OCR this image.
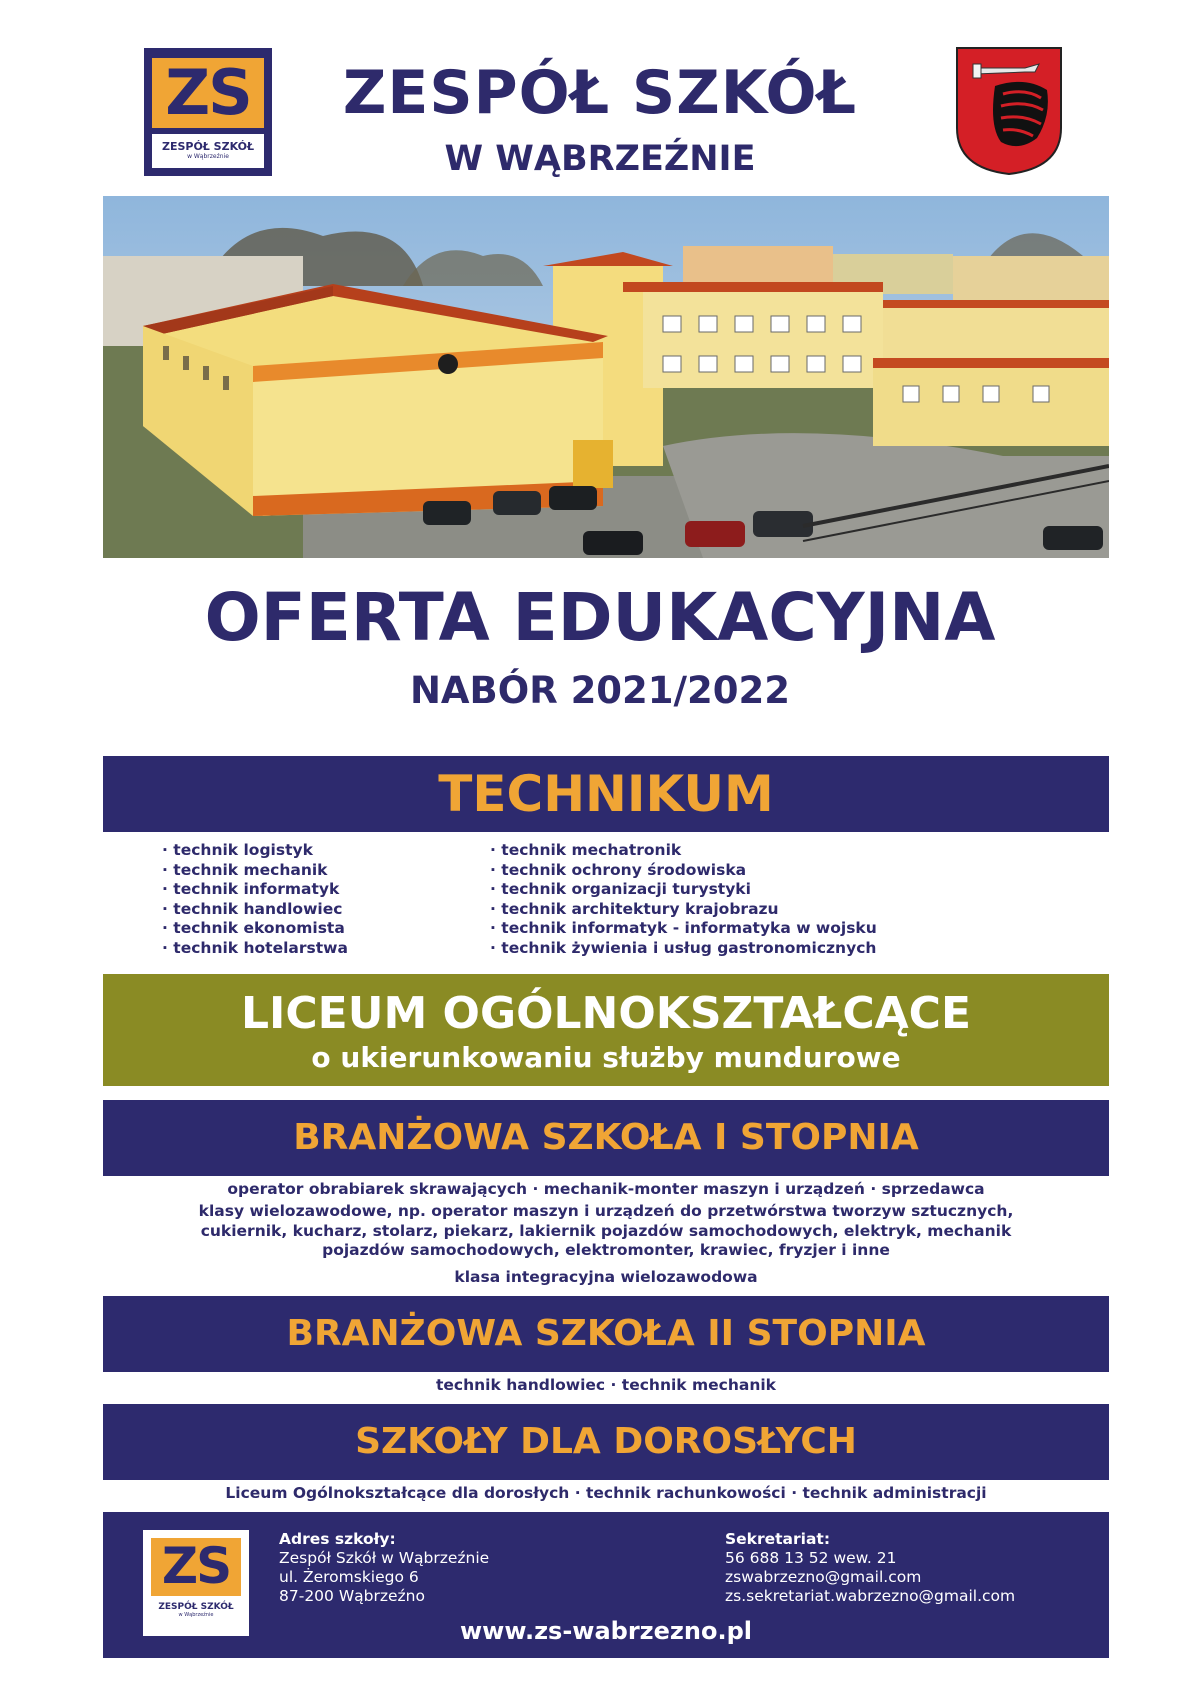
ZS
ZESPÓŁ SZKÓŁ
w Wąbrzeźnie
ZESPÓŁ SZKÓŁ
W WĄBRZEŹNIE
OFERTA EDUKACYJNA
NABÓR 2021/2022
TECHNIKUM
· technik logistyk
· technik mechanik
· technik informatyk
· technik handlowiec
· technik ekonomista
· technik hotelarstwa
· technik mechatronik
· technik ochrony środowiska
· technik organizacji turystyki
· technik architektury krajobrazu
· technik informatyk - informatyka w wojsku
· technik żywienia i usług gastronomicznych
LICEUM OGÓLNOKSZTAŁCĄCE
o ukierunkowaniu służby mundurowe
BRANŻOWA SZKOŁA I STOPNIA
operator obrabiarek skrawających · mechanik-monter maszyn i urządzeń · sprzedawca
klasy wielozawodowe, np. operator maszyn i urządzeń do przetwórstwa tworzyw sztucznych,
cukiernik, kucharz, stolarz, piekarz, lakiernik pojazdów samochodowych, elektryk, mechanik
pojazdów samochodowych, elektromonter, krawiec, fryzjer i inne
klasa integracyjna wielozawodowa
BRANŻOWA SZKOŁA II STOPNIA
technik handlowiec · technik mechanik
SZKOŁY DLA DOROSŁYCH
Liceum Ogólnokształcące dla dorosłych · technik rachunkowości · technik administracji
ZS
ZESPÓŁ SZKÓŁ
w Wąbrzeźnie
Adres szkoły:
Zespół Szkół w Wąbrzeźnie
ul. Żeromskiego 6
87-200 Wąbrzeźno
Sekretariat:
56 688 13 52 wew. 21
zswabrzezno@gmail.com
zs.sekretariat.wabrzezno@gmail.com
www.zs-wabrzezno.pl
